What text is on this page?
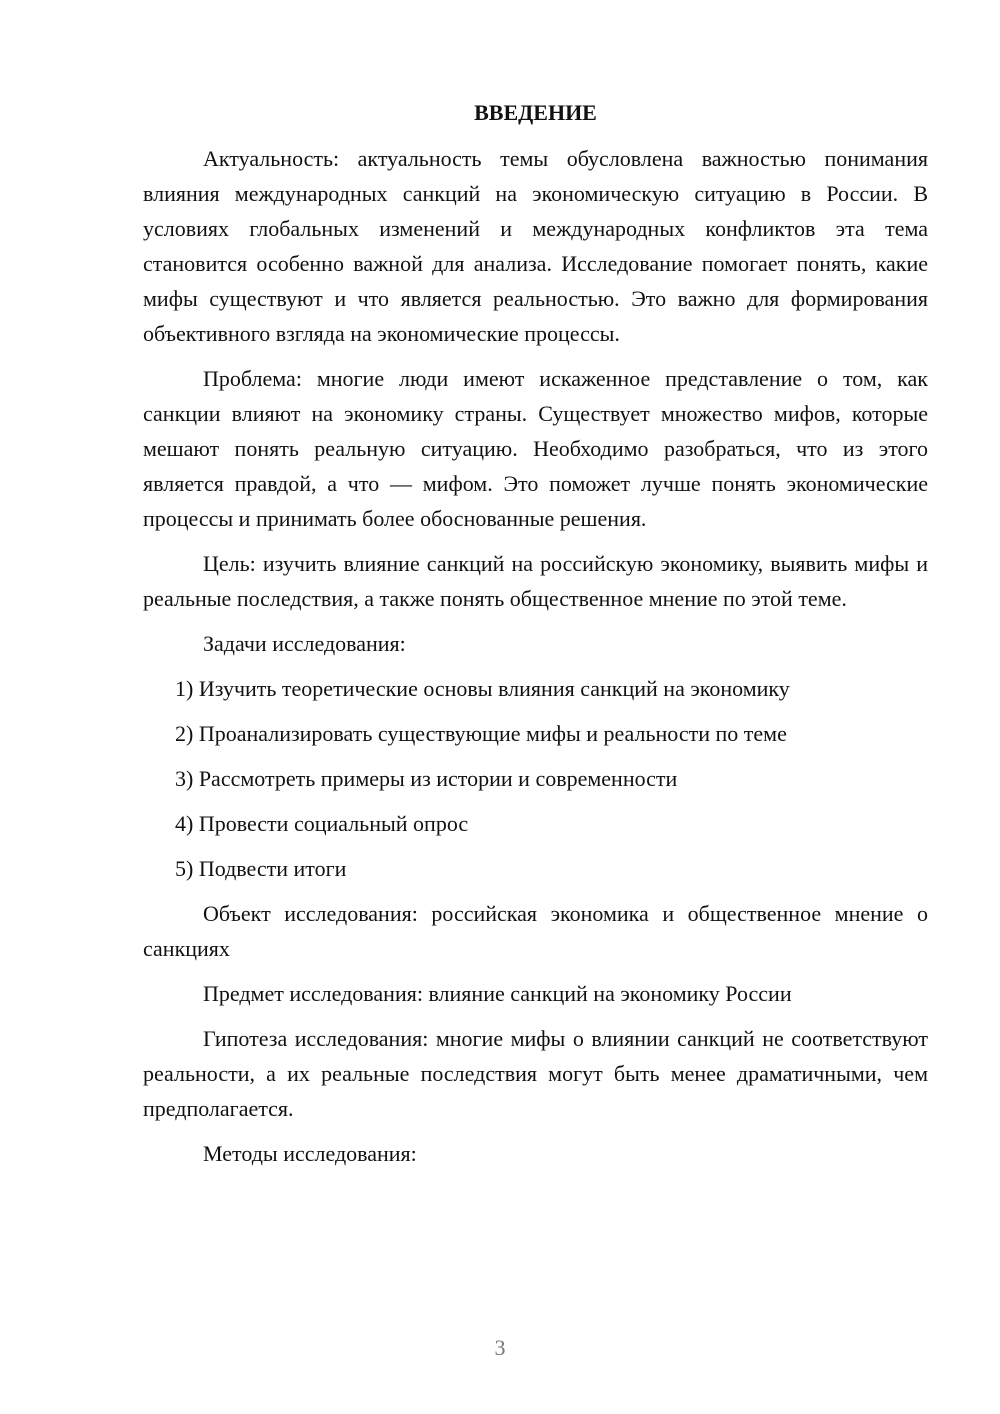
ВВЕДЕНИЕ

Актуальность: актуальность темы обусловлена важностью понимания влияния международных санкций на экономическую ситуацию в России. В условиях глобальных изменений и международных конфликтов эта тема становится особенно важной для анализа. Исследование помогает понять, какие мифы существуют и что является реальностью. Это важно для формирования объективного взгляда на экономические процессы.

Проблема: многие люди имеют искаженное представление о том, как санкции влияют на экономику страны. Существует множество мифов, которые мешают понять реальную ситуацию. Необходимо разобраться, что из этого является правдой, а что — мифом. Это поможет лучше понять экономические процессы и принимать более обоснованные решения.

Цель: изучить влияние санкций на российскую экономику, выявить мифы и реальные последствия, а также понять общественное мнение по этой теме.

Задачи исследования:

1) Изучить теоретические основы влияния санкций на экономику
2) Проанализировать существующие мифы и реальности по теме
3) Рассмотреть примеры из истории и современности
4) Провести социальный опрос
5) Подвести итоги

Объект исследования: российская экономика и общественное мнение о санкциях

Предмет исследования: влияние санкций на экономику России

Гипотеза исследования: многие мифы о влиянии санкций не соответствуют реальности, а их реальные последствия могут быть менее драматичными, чем предполагается.

Методы исследования:

3
